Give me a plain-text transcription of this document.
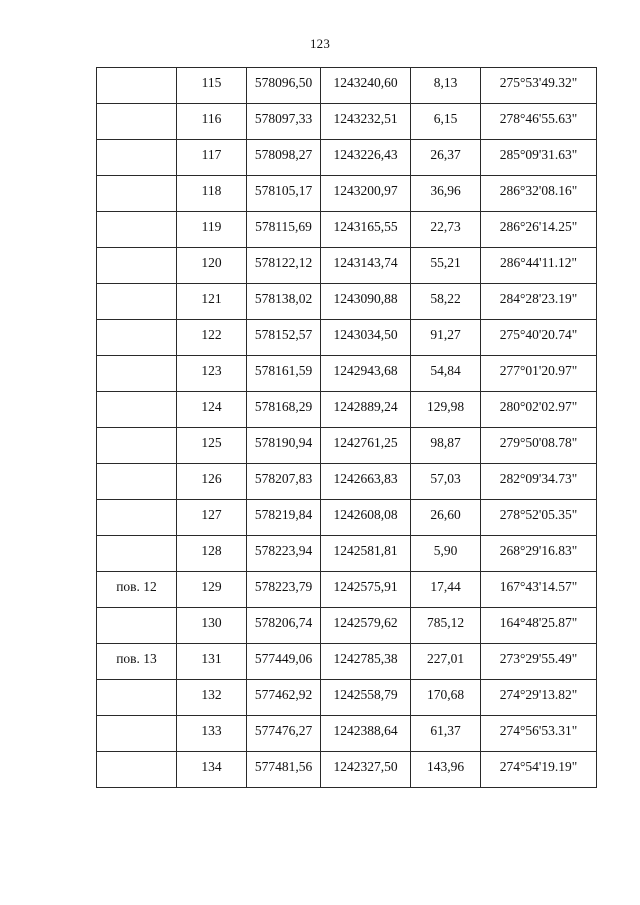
123
	115	578096,50	1243240,60	8,13	275°53'49.32"
	116	578097,33	1243232,51	6,15	278°46'55.63"
	117	578098,27	1243226,43	26,37	285°09'31.63"
	118	578105,17	1243200,97	36,96	286°32'08.16"
	119	578115,69	1243165,55	22,73	286°26'14.25"
	120	578122,12	1243143,74	55,21	286°44'11.12"
	121	578138,02	1243090,88	58,22	284°28'23.19"
	122	578152,57	1243034,50	91,27	275°40'20.74"
	123	578161,59	1242943,68	54,84	277°01'20.97"
	124	578168,29	1242889,24	129,98	280°02'02.97"
	125	578190,94	1242761,25	98,87	279°50'08.78"
	126	578207,83	1242663,83	57,03	282°09'34.73"
	127	578219,84	1242608,08	26,60	278°52'05.35"
	128	578223,94	1242581,81	5,90	268°29'16.83"
пов. 12	129	578223,79	1242575,91	17,44	167°43'14.57"
	130	578206,74	1242579,62	785,12	164°48'25.87"
пов. 13	131	577449,06	1242785,38	227,01	273°29'55.49"
	132	577462,92	1242558,79	170,68	274°29'13.82"
	133	577476,27	1242388,64	61,37	274°56'53.31"
	134	577481,56	1242327,50	143,96	274°54'19.19"
